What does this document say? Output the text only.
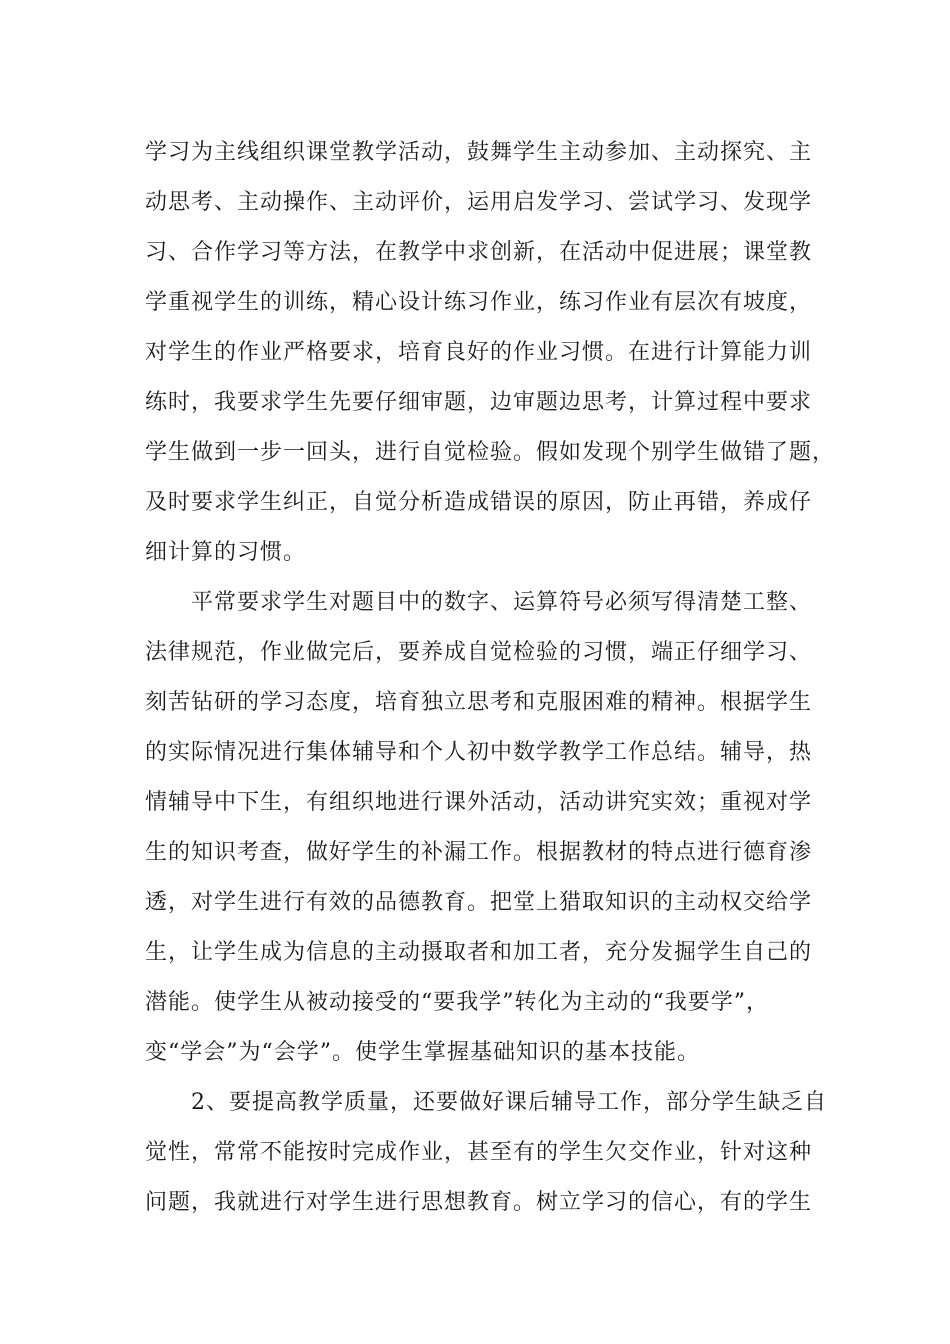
学习为主线组织课堂教学活动，鼓舞学生主动参加、主动探究、主
动思考、主动操作、主动评价，运用启发学习、尝试学习、发现学
习、合作学习等方法，在教学中求创新，在活动中促进展；课堂教
学重视学生的训练，精心设计练习作业，练习作业有层次有坡度，
对学生的作业严格要求，培育良好的作业习惯。在进行计算能力训
练时，我要求学生先要仔细审题，边审题边思考，计算过程中要求
学生做到一步一回头，进行自觉检验。假如发现个别学生做错了题，
及时要求学生纠正，自觉分析造成错误的原因，防止再错，养成仔
细计算的习惯。
平常要求学生对题目中的数字、运算符号必须写得清楚工整、
法律规范，作业做完后，要养成自觉检验的习惯，端正仔细学习、
刻苦钻研的学习态度，培育独立思考和克服困难的精神。根据学生
的实际情况进行集体辅导和个人初中数学教学工作总结。辅导，热
情辅导中下生，有组织地进行课外活动，活动讲究实效；重视对学
生的知识考查，做好学生的补漏工作。根据教材的特点进行德育渗
透，对学生进行有效的品德教育。把堂上猎取知识的主动权交给学
生，让学生成为信息的主动摄取者和加工者，充分发掘学生自己的
潜能。使学生从被动接受的“要我学”转化为主动的“我要学”，
变“学会”为“会学”。使学生掌握基础知识的基本技能。
2、要提高教学质量，还要做好课后辅导工作，部分学生缺乏自
觉性，常常不能按时完成作业，甚至有的学生欠交作业，针对这种
问题，我就进行对学生进行思想教育。树立学习的信心，有的学生
